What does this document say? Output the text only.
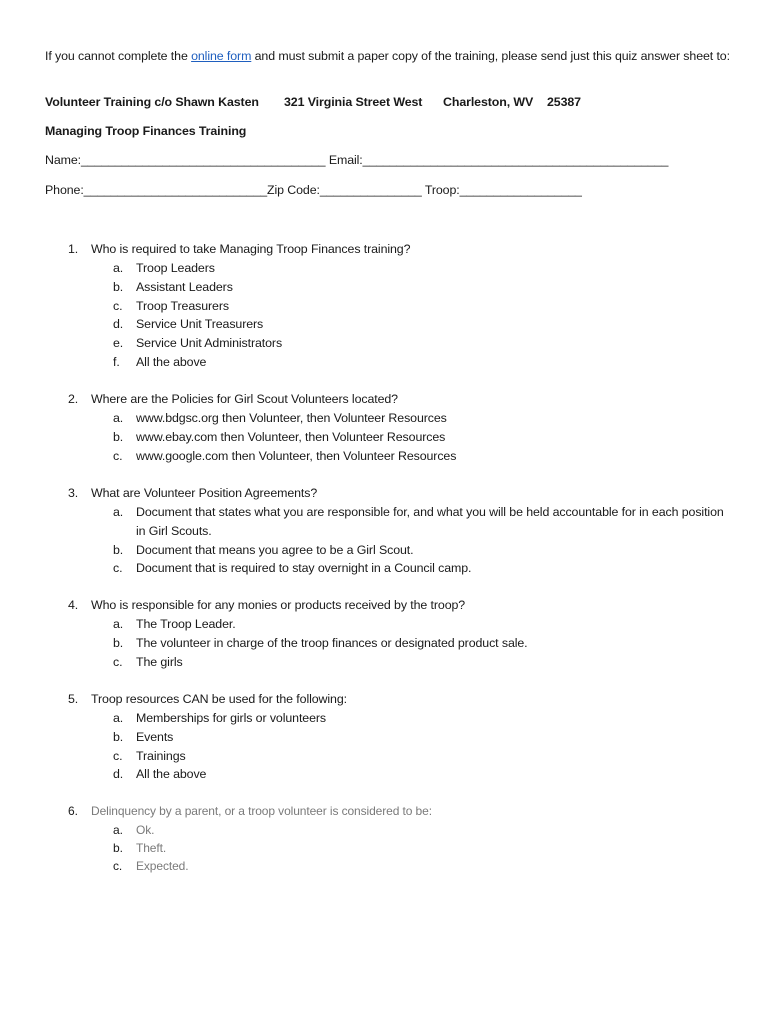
If you cannot complete the online form and must submit a paper copy of the training, please send just this quiz answer sheet to:
Volunteer Training c/o Shawn Kasten 321 Virginia Street West Charleston, WV 25387
Managing Troop Finances Training
Name:____________________________________ Email:_____________________________________________
Phone:___________________________Zip Code:_______________ Troop:__________________
1.	Who is required to take Managing Troop Finances training?
a.	Troop Leaders
b.	Assistant Leaders
c.	Troop Treasurers
d.	Service Unit Treasurers
e.	Service Unit Administrators
f.	All the above
2.	Where are the Policies for Girl Scout Volunteers located?
a.	www.bdgsc.org then Volunteer, then Volunteer Resources
b.	www.ebay.com then Volunteer, then Volunteer Resources
c.	www.google.com then Volunteer, then Volunteer Resources
3.	What are Volunteer Position Agreements?
a.	Document that states what you are responsible for, and what you will be held accountable for in each position in Girl Scouts.
b.	Document that means you agree to be a Girl Scout.
c.	Document that is required to stay overnight in a Council camp.
4.	Who is responsible for any monies or products received by the troop?
a.	The Troop Leader.
b.	The volunteer in charge of the troop finances or designated product sale.
c.	The girls
5.	Troop resources CAN be used for the following:
a.	Memberships for girls or volunteers
b.	Events
c.	Trainings
d.	All the above
6.	Delinquency by a parent, or a troop volunteer is considered to be:
a.	Ok.
b.	Theft.
c.	Expected.
